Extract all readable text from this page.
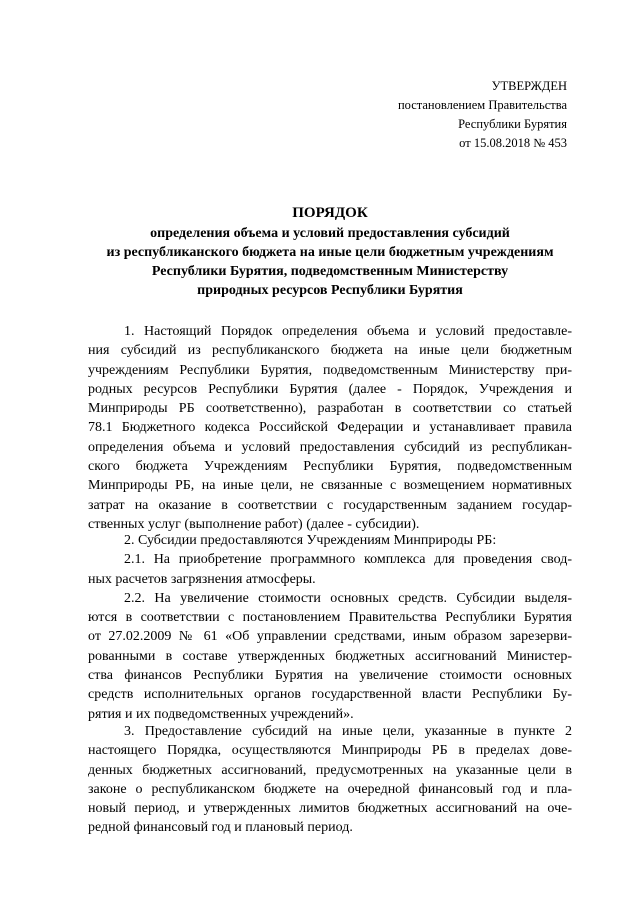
УТВЕРЖДЕН
постановлением Правительства
Республики Бурятия
от 15.08.2018 № 453
ПОРЯДОК
определения объема и условий предоставления субсидий
из республиканского бюджета на иные цели бюджетным учреждениям
Республики Бурятия, подведомственным Министерству
природных ресурсов Республики Бурятия
1. Настоящий Порядок определения объема и условий предоставле-
ния субсидий из республиканского бюджета на иные цели бюджетным
учреждениям Республики Бурятия, подведомственным Министерству при-
родных ресурсов Республики Бурятия (далее - Порядок, Учреждения и
Минприроды РБ соответственно), разработан в соответствии со статьей
78.1 Бюджетного кодекса Российской Федерации и устанавливает правила
определения объема и условий предоставления субсидий из республикан-
ского бюджета Учреждениям Республики Бурятия, подведомственным
Минприроды РБ, на иные цели, не связанные с возмещением нормативных
затрат на оказание в соответствии с государственным заданием государ-
ственных услуг (выполнение работ) (далее - субсидии).
2. Субсидии предоставляются Учреждениям Минприроды РБ:
2.1. На приобретение программного комплекса для проведения свод-
ных расчетов загрязнения атмосферы.
2.2. На увеличение стоимости основных средств. Субсидии выделя-
ются в соответствии с постановлением Правительства Республики Бурятия
от 27.02.2009 № 61 «Об управлении средствами, иным образом зарезерви-
рованными в составе утвержденных бюджетных ассигнований Министер-
ства финансов Республики Бурятия на увеличение стоимости основных
средств исполнительных органов государственной власти Республики Бу-
рятия и их подведомственных учреждений».
3. Предоставление субсидий на иные цели, указанные в пункте 2
настоящего Порядка, осуществляются Минприроды РБ в пределах дове-
денных бюджетных ассигнований, предусмотренных на указанные цели в
законе о республиканском бюджете на очередной финансовый год и пла-
новый период, и утвержденных лимитов бюджетных ассигнований на оче-
редной финансовый год и плановый период.
